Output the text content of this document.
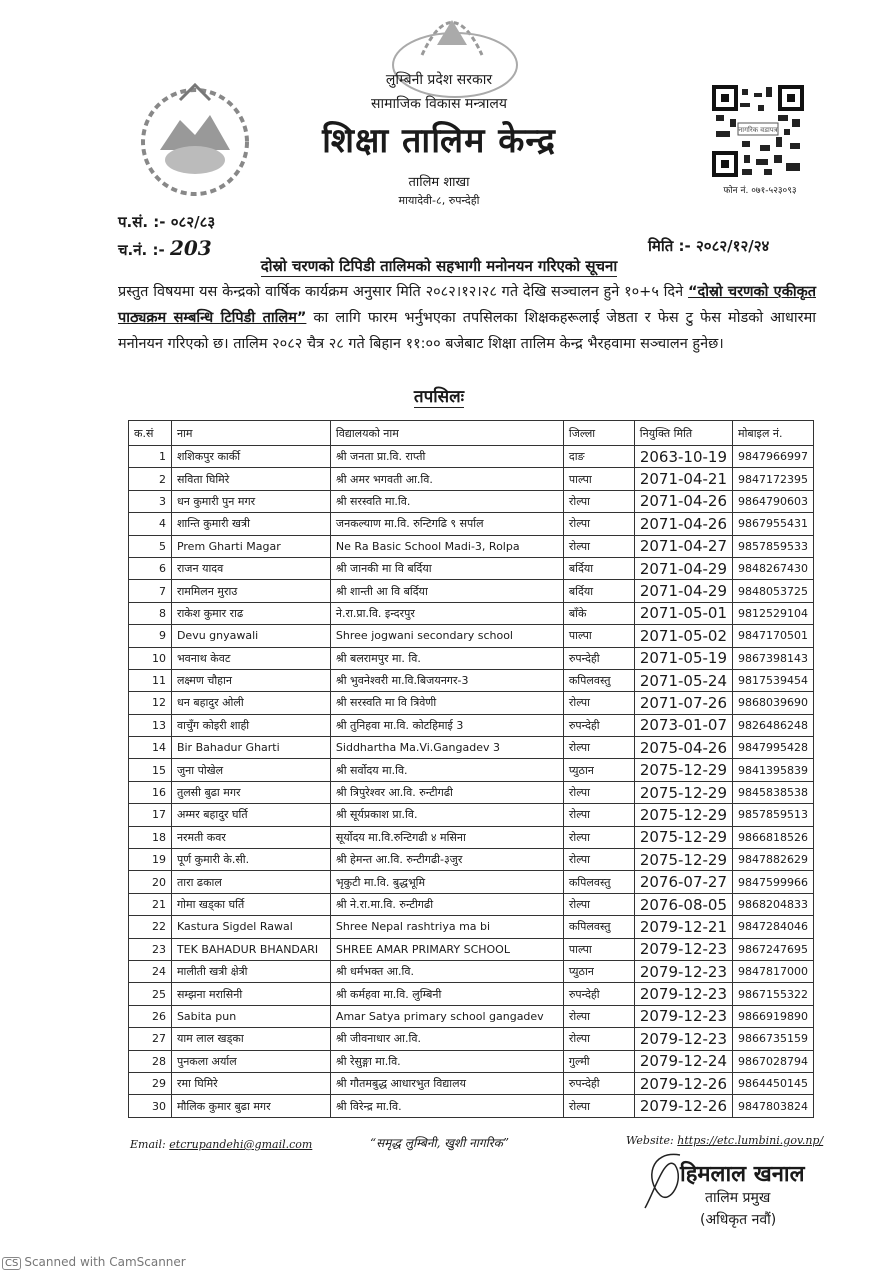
लुम्बिनी प्रदेश सरकार
सामाजिक विकास मन्त्रालय
शिक्षा तालिम केन्द्र
तालिम शाखा
मायादेवी-८, रुपन्देही
नागरिक वडापत्र
फोन नं. ०७१-५२३०९३
प.सं. :- ०८२/८३
च.नं. :- 203	मिति :- २०८२/१२/२४
दोस्रो चरणको टिपिडी तालिमको सहभागी मनोनयन गरिएको सूचना
प्रस्तुत विषयमा यस केन्द्रको वार्षिक कार्यक्रम अनुसार मिति २०८२।१२।२८ गते देखि सञ्चालन हुने १०+५ दिने “दोस्रो चरणको एकीकृत पाठ्यक्रम सम्बन्धि टिपिडी तालिम” का लागि फारम भर्नुभएका तपसिलका शिक्षकहरूलाई जेष्ठता र फेस टु फेस मोडको आधारमा मनोनयन गरिएको छ। तालिम २०८२ चैत्र २८ गते बिहान ११:०० बजेबाट शिक्षा तालिम केन्द्र भैरहवामा सञ्चालन हुनेछ।
तपसिलः
क.सं	नाम	विद्यालयको नाम	जिल्ला	नियुक्ति मिति	मोबाइल नं.
1	शशिकपुर कार्की	श्री जनता प्रा.वि. राप्ती	दाङ	2063-10-19	9847966997
2	सविता घिमिरे	श्री अमर भगवती आ.वि.	पाल्पा	2071-04-21	9847172395
3	धन कुमारी पुन मगर	श्री सरस्वति मा.वि.	रोल्पा	2071-04-26	9864790603
4	शान्ति कुमारी खत्री	जनकल्याण मा.वि. रुन्टिगढि ९ सर्पाल	रोल्पा	2071-04-26	9867955431
5	Prem Gharti Magar	Ne Ra Basic School Madi-3, Rolpa	रोल्पा	2071-04-27	9857859533
6	राजन यादव	श्री जानकी मा वि बर्दिया	बर्दिया	2071-04-29	9848267430
7	राममिलन मुराउ	श्री शान्ती आ वि बर्दिया	बर्दिया	2071-04-29	9848053725
8	राकेश कुमार राढ	ने.रा.प्रा.वि. इन्दरपुर	बाँके	2071-05-01	9812529104
9	Devu gnyawali	Shree jogwani secondary school	पाल्पा	2071-05-02	9847170501
10	भवनाथ केवट	श्री बलरामपुर मा. वि.	रुपन्देही	2071-05-19	9867398143
11	लक्ष्मण चौहान	श्री भुवनेश्वरी मा.वि.बिजयनगर-3	कपिलवस्तु	2071-05-24	9817539454
12	धन बहादुर ओली	श्री सरस्वति मा वि त्रिवेणी	रोल्पा	2071-07-26	9868039690
13	वाचुँग कोइरी शाही	श्री तुनिहवा मा.वि. कोटहिमाई 3	रुपन्देही	2073-01-07	9826486248
14	Bir Bahadur Gharti	Siddhartha Ma.Vi.Gangadev 3	रोल्पा	2075-04-26	9847995428
15	जुना पोखेल	श्री सर्वोदय मा.वि.	प्युठान	2075-12-29	9841395839
16	तुलसी बुढा मगर	श्री त्रिपुरेश्वर आ.वि. रुन्टीगढी	रोल्पा	2075-12-29	9845838538
17	अम्मर बहादुर घर्ति	श्री सूर्यप्रकाश प्रा.वि.	रोल्पा	2075-12-29	9857859513
18	नरमती कवर	सूर्योदय मा.वि.रुन्टिगढी ४ मसिना	रोल्पा	2075-12-29	9866818526
19	पूर्ण कुमारी के.सी.	श्री हेमन्त आ.वि. रुन्टीगढी-३जुर	रोल्पा	2075-12-29	9847882629
20	तारा ढकाल	भृकुटी मा.वि. बुद्धभूमि	कपिलवस्तु	2076-07-27	9847599966
21	गोमा खड्का घर्ति	श्री ने.रा.मा.वि. रुन्टीगढी	रोल्पा	2076-08-05	9868204833
22	Kastura Sigdel Rawal	Shree Nepal rashtriya ma bi	कपिलवस्तु	2079-12-21	9847284046
23	TEK BAHADUR BHANDARI	SHREE AMAR PRIMARY SCHOOL	पाल्पा	2079-12-23	9867247695
24	मालीती खत्री क्षेत्री	श्री धर्मभक्त आ.वि.	प्युठान	2079-12-23	9847817000
25	सम्झना मरासिनी	श्री कर्महवा मा.वि. लुम्बिनी	रुपन्देही	2079-12-23	9867155322
26	Sabita pun	Amar Satya primary school gangadev	रोल्पा	2079-12-23	9866919890
27	याम लाल खड्का	श्री जीवनाधार आ.वि.	रोल्पा	2079-12-23	9866735159
28	पुनकला अर्याल	श्री रेसुङ्गा मा.वि.	गुल्मी	2079-12-24	9867028794
29	रमा घिमिरे	श्री गौतमबुद्ध आधारभुत विद्यालय	रुपन्देही	2079-12-26	9864450145
30	मौलिक कुमार बुढा मगर	श्री विरेन्द्र मा.वि.	रोल्पा	2079-12-26	9847803824
Email: etcrupandehi@gmail.com	“समृद्ध लुम्बिनी, खुशी नागरिक”	Website: https://etc.lumbini.gov.np/
हिमलाल खनाल
तालिम प्रमुख
(अधिकृत नवौं)
CS Scanned with CamScanner
